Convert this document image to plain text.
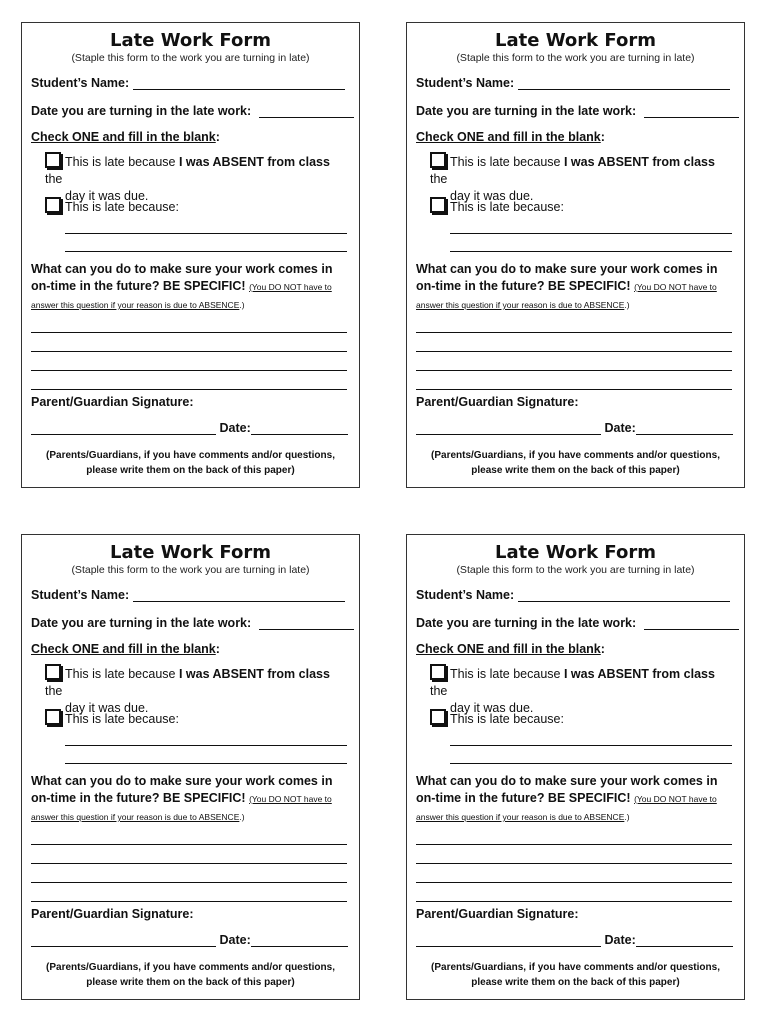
Late Work Form
(Staple this form to the work you are turning in late)
Student’s Name:
Date you are turning in the late work:
Check ONE and fill in the blank:
This is late because I was ABSENT from class the
day it was due.
This is late because:
What can you do to make sure your work comes in
on-time in the future? BE SPECIFIC! (You DO NOT have to
answer this question if your reason is due to ABSENCE.)
Parent/Guardian Signature:
Date:
(Parents/Guardians, if you have comments and/or questions,
please write them on the back of this paper)
Late Work Form
(Staple this form to the work you are turning in late)
Student’s Name:
Date you are turning in the late work:
Check ONE and fill in the blank:
This is late because I was ABSENT from class the
day it was due.
This is late because:
What can you do to make sure your work comes in
on-time in the future? BE SPECIFIC! (You DO NOT have to
answer this question if your reason is due to ABSENCE.)
Parent/Guardian Signature:
Date:
(Parents/Guardians, if you have comments and/or questions,
please write them on the back of this paper)
Late Work Form
(Staple this form to the work you are turning in late)
Student’s Name:
Date you are turning in the late work:
Check ONE and fill in the blank:
This is late because I was ABSENT from class the
day it was due.
This is late because:
What can you do to make sure your work comes in
on-time in the future? BE SPECIFIC! (You DO NOT have to
answer this question if your reason is due to ABSENCE.)
Parent/Guardian Signature:
Date:
(Parents/Guardians, if you have comments and/or questions,
please write them on the back of this paper)
Late Work Form
(Staple this form to the work you are turning in late)
Student’s Name:
Date you are turning in the late work:
Check ONE and fill in the blank:
This is late because I was ABSENT from class the
day it was due.
This is late because:
What can you do to make sure your work comes in
on-time in the future? BE SPECIFIC! (You DO NOT have to
answer this question if your reason is due to ABSENCE.)
Parent/Guardian Signature:
Date:
(Parents/Guardians, if you have comments and/or questions,
please write them on the back of this paper)
